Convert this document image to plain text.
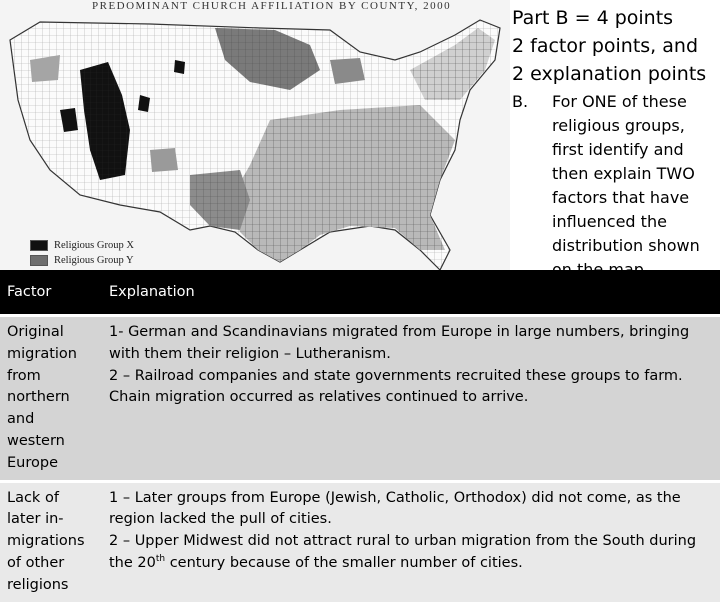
PREDOMINANT CHURCH AFFILIATION BY COUNTY, 2000
Religious Group X
Religious Group Y
Part B = 4 points
2 factor points, and
2 explanation points
B.	For ONE of these religious groups, first identify and then explain TWO factors that have influenced the distribution shown
Factor	Explanation
Original migration from northern and western Europe	1- German and Scandinavians migrated from Europe in large numbers, bringing with them their religion – Lutheranism.
2 – Railroad companies and state governments recruited these groups to farm. Chain migration occurred as relatives continued to arrive.

Lack of later in-migrations of other religions	1 – Later groups from Europe (Jewish, Catholic, Orthodox) did not come, as the region lacked the pull of cities.
2 – Upper Midwest did not attract rural to urban migration from the South during the 20th century because of the smaller number of cities.
